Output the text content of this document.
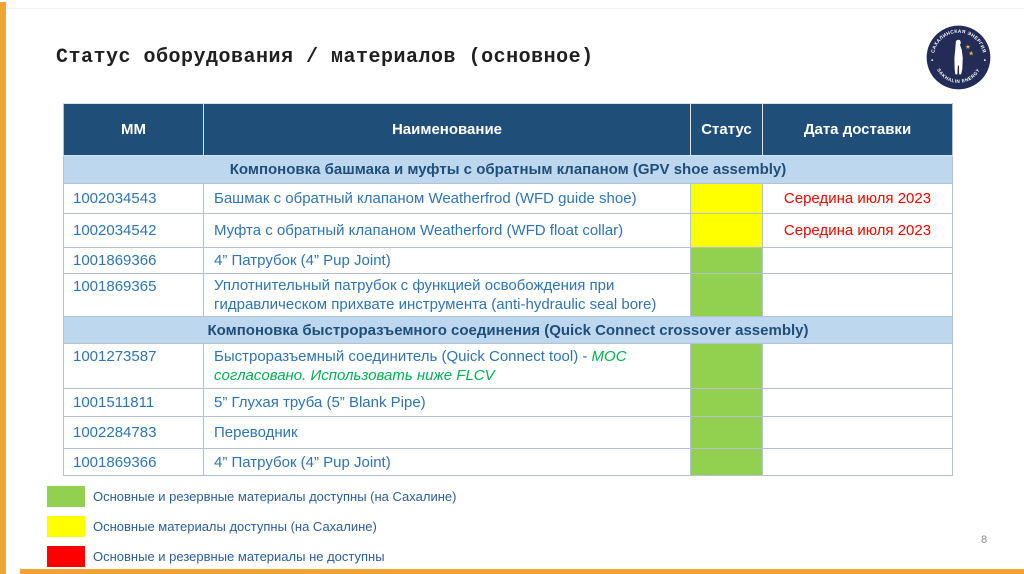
Статус оборудования / материалов (основное)	САХАЛИНСКАЯ ЭНЕРГИЯ
SAKHALIN ENERGY
★
★
ММ	Наименование	Статус	Дата доставки
Компоновка башмака и муфты с обратным клапаном (GPV shoe assembly)			
1002034543	Башмак с обратный клапаном Weatherfrod (WFD guide shoe)		Середина июля 2023
1002034542	Муфта с обратный клапаном Weatherford (WFD float collar)		Середина июля 2023
1001869366	4” Патрубок (4” Pup Joint)		
1001869365	Уплотнительный патрубок с функцией освобождения при гидравлическом прихвате инструмента (anti-hydraulic seal bore)		
Компоновка быстроразъемного соединения (Quick Connect crossover assembly)			
1001273587	Быстроразъемный соединитель (Quick Connect tool) - МОС согласовано. Использовать ниже FLCV		
1001511811	5” Глухая труба (5” Blank Pipe)		
1002284783	Переводник		
1001869366	4” Патрубок (4” Pup Joint)		
Основные и резервные материалы доступны (на Сахалине)
Основные материалы доступны (на Сахалине)
Основные и резервные материалы не доступны
8
